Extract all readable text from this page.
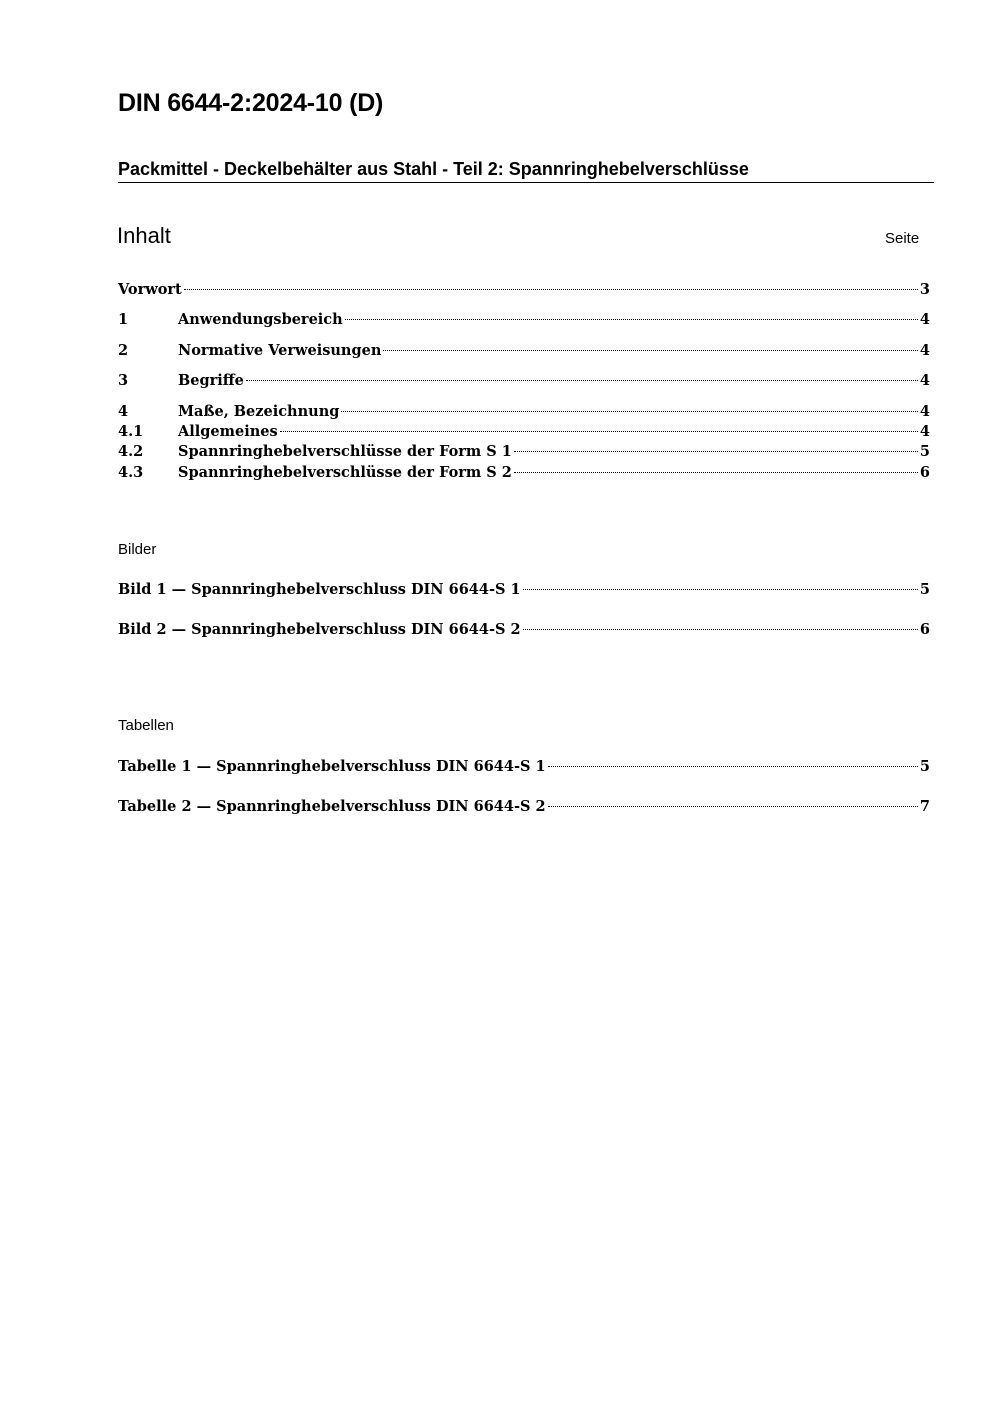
DIN 6644-2:2024-10 (D)
Packmittel - Deckelbehälter aus Stahl - Teil 2: Spannringhebelverschlüsse
Inhalt	Seite
Vorwort	3
1	Anwendungsbereich	4
2	Normative Verweisungen	4
3	Begriffe	4
4	Maße, Bezeichnung	4
4.1	Allgemeines	4
4.2	Spannringhebelverschlüsse der Form S 1	5
4.3	Spannringhebelverschlüsse der Form S 2	6
Bilder
Bild 1 — Spannringhebelverschluss DIN 6644-S 1	5
Bild 2 — Spannringhebelverschluss DIN 6644-S 2	6
Tabellen
Tabelle 1 — Spannringhebelverschluss DIN 6644-S 1	5
Tabelle 2 — Spannringhebelverschluss DIN 6644-S 2	7
